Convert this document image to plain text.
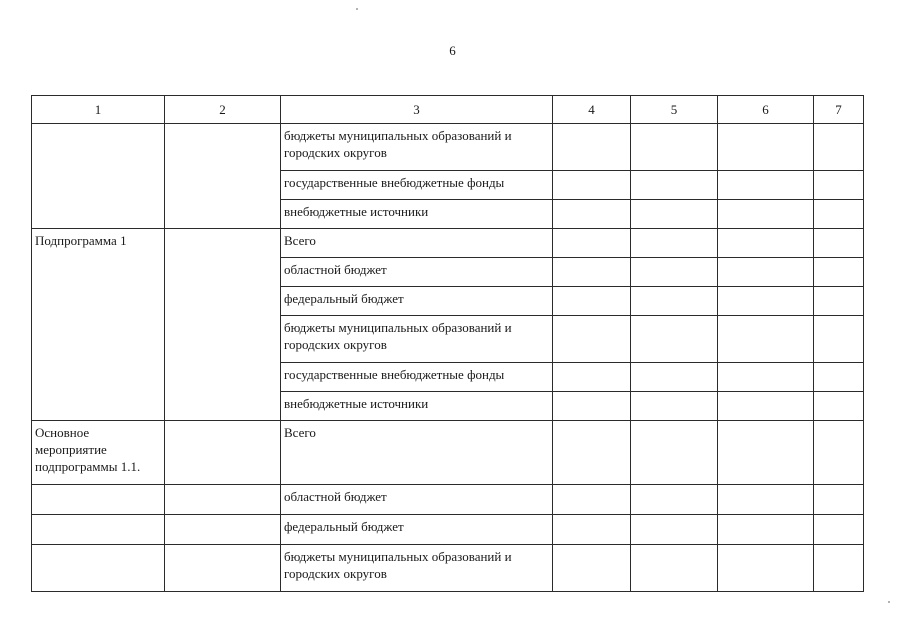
6
1	2	3	4	5	6	7
		бюджеты муниципальных образований и городских округов				
		государственные внебюджетные фонды				
		внебюджетные источники				
Подпрограмма 1		Всего				
		областной бюджет				
		федеральный бюджет				
		бюджеты муниципальных образований и городских округов				
		государственные внебюджетные фонды				
		внебюджетные источники				
Основное мероприятие подпрограммы 1.1.		Всего				
		областной бюджет				
		федеральный бюджет				
		бюджеты муниципальных образований и городских округов				
